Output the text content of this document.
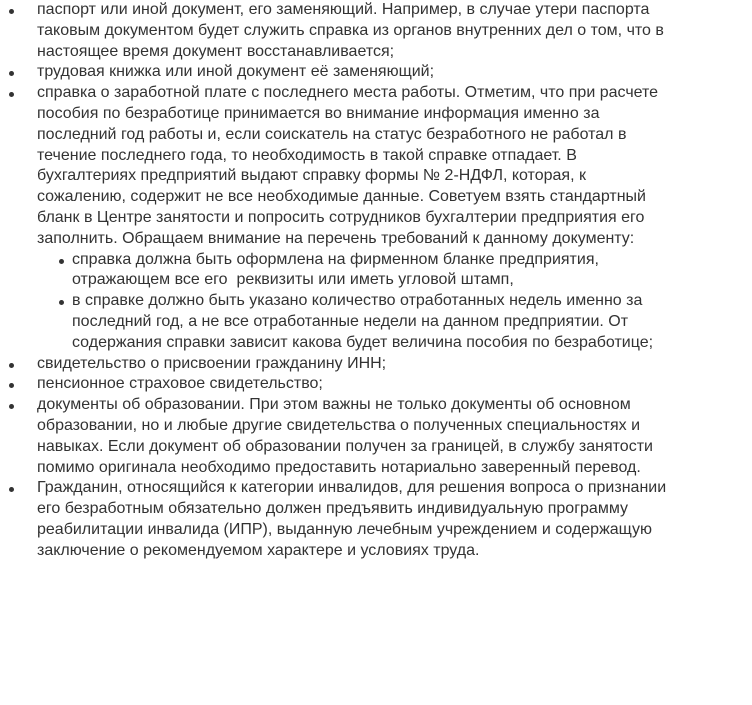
паспорт или иной документ, его заменяющий. Например, в случае утери паспорта таковым документом будет служить справка из органов внутренних дел о том, что в настоящее время документ восстанавливается;
трудовая книжка или иной документ её заменяющий;
справка о заработной плате с последнего места работы. Отметим, что при расчете пособия по безработице принимается во внимание информация именно за последний год работы и, если соискатель на статус безработного не работал в течение последнего года, то необходимость в такой справке отпадает. В бухгалтериях предприятий выдают справку формы № 2-НДФЛ, которая, к сожалению, содержит не все необходимые данные. Советуем взять стандартный бланк в Центре занятости и попросить сотрудников бухгалтерии предприятия его заполнить. Обращаем внимание на перечень требований к данному документу:
справка должна быть оформлена на фирменном бланке предприятия, отражающем все его  реквизиты или иметь угловой штамп,
в справке должно быть указано количество отработанных недель именно за последний год, а не все отработанные недели на данном предприятии. От содержания справки зависит какова будет величина пособия по безработице;
свидетельство о присвоении гражданину ИНН;
пенсионное страховое свидетельство;
документы об образовании. При этом важны не только документы об основном образовании, но и любые другие свидетельства о полученных специальностях и навыках. Если документ об образовании получен за границей, в службу занятости помимо оригинала необходимо предоставить нотариально заверенный перевод.
Гражданин, относящийся к категории инвалидов, для решения вопроса о признании его безработным обязательно должен предъявить индивидуальную программу реабилитации инвалида (ИПР), выданную лечебным учреждением и содержащую заключение о рекомендуемом характере и условиях труда.
